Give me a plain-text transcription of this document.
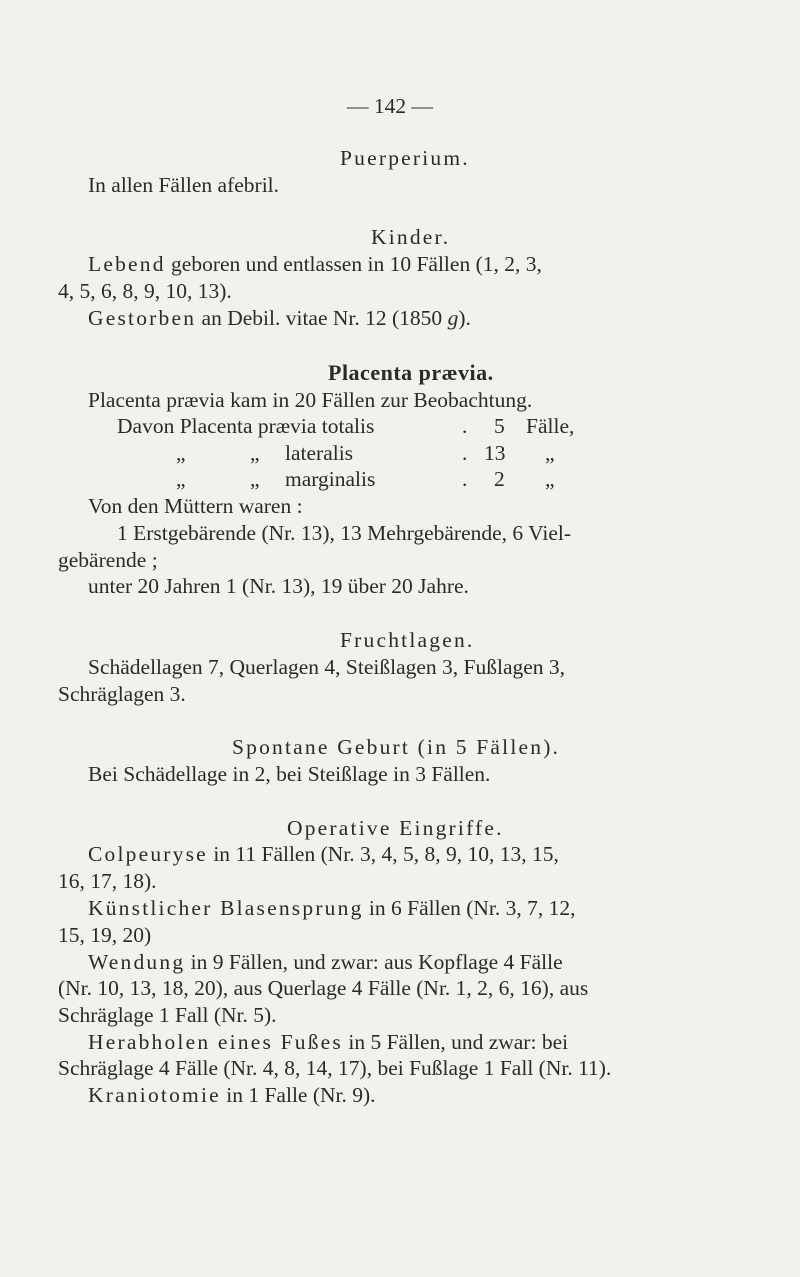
— 142 —
Puerperium.
In allen Fällen afebril.
Kinder.
Lebend geboren und entlassen in 10 Fällen (1, 2, 3,
4, 5, 6, 8, 9, 10, 13).
Gestorben an Debil. vitae Nr. 12 (1850 g).
Placenta prævia.
Placenta prævia kam in 20 Fällen zur Beobachtung.
Davon Placenta prævia totalis	. 5 Fälle,
„	„ lateralis	. 13 „
„	„ marginalis	. 2 „
Von den Müttern waren :
1 Erstgebärende (Nr. 13), 13 Mehrgebärende, 6 Viel-
gebärende ;
unter 20 Jahren 1 (Nr. 13), 19 über 20 Jahre.
Fruchtlagen.
Schädellagen 7, Querlagen 4, Steißlagen 3, Fußlagen 3,
Schräglagen 3.
Spontane Geburt (in 5 Fällen).
Bei Schädellage in 2, bei Steißlage in 3 Fällen.
Operative Eingriffe.
Colpeuryse in 11 Fällen (Nr. 3, 4, 5, 8, 9, 10, 13, 15,
16, 17, 18).
Künstlicher Blasensprung in 6 Fällen (Nr. 3, 7, 12,
15, 19, 20)
Wendung in 9 Fällen, und zwar: aus Kopflage 4 Fälle
(Nr. 10, 13, 18, 20), aus Querlage 4 Fälle (Nr. 1, 2, 6, 16), aus
Schräglage 1 Fall (Nr. 5).
Herabholen eines Fußes in 5 Fällen, und zwar: bei
Schräglage 4 Fälle (Nr. 4, 8, 14, 17), bei Fußlage 1 Fall (Nr. 11).
Kraniotomie in 1 Falle (Nr. 9).
